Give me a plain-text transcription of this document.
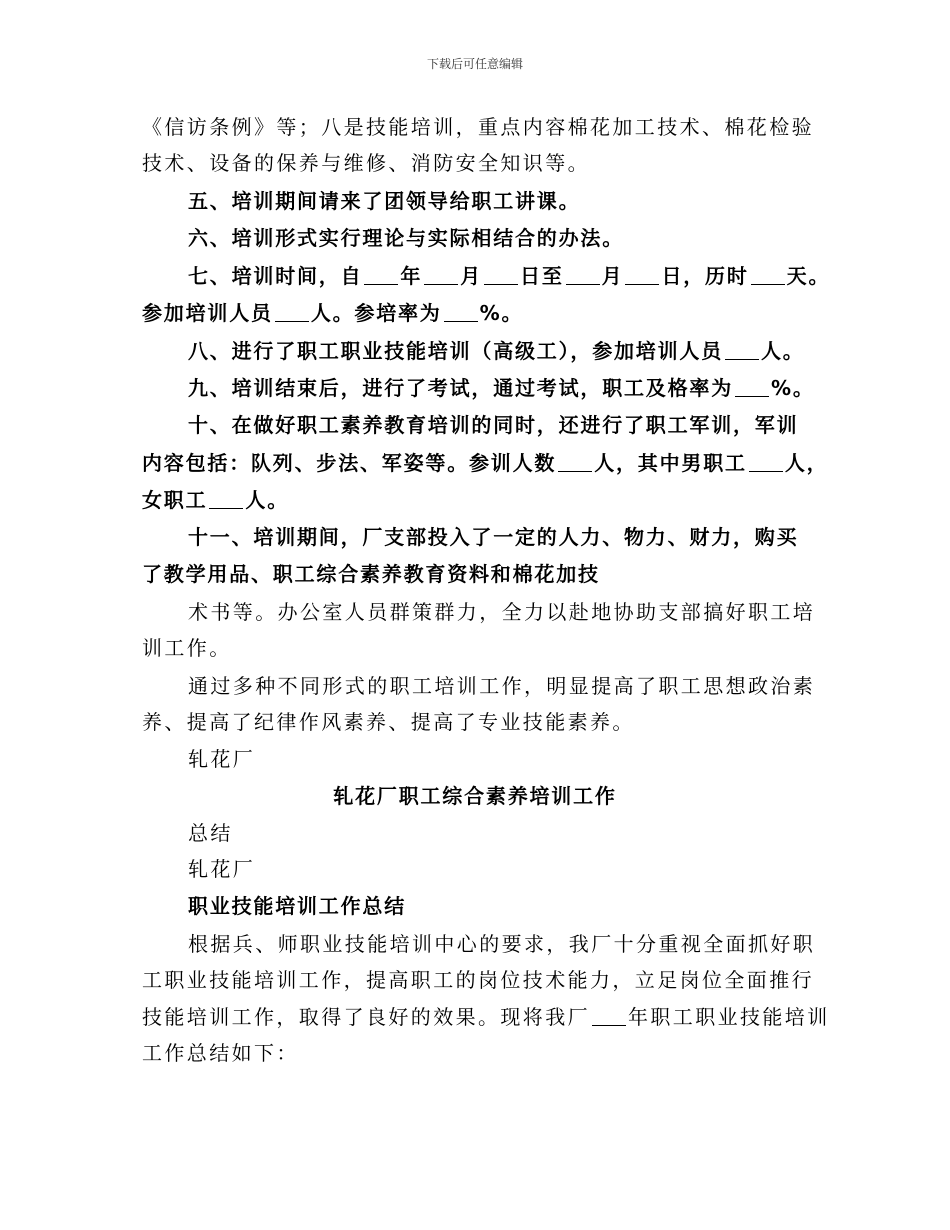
下载后可任意编辑
《信访条例》等；八是技能培训，重点内容棉花加工技术、棉花检验
技术、设备的保养与维修、消防安全知识等。
五、培训期间请来了团领导给职工讲课。
六、培训形式实行理论与实际相结合的办法。
七、培训时间，自 年 月 日至 月 日，历时 天。
参加培训人员 人。参培率为 %。
八、进行了职工职业技能培训（高级工），参加培训人员 人。
九、培训结束后，进行了考试，通过考试，职工及格率为 %。
十、在做好职工素养教育培训的同时，还进行了职工军训，军训
内容包括：队列、步法、军姿等。参训人数 人，其中男职工 人，
女职工 人。
十一、培训期间，厂支部投入了一定的人力、物力、财力，购买
了教学用品、职工综合素养教育资料和棉花加技
术书等。办公室人员群策群力，全力以赴地协助支部搞好职工培
训工作。
通过多种不同形式的职工培训工作，明显提高了职工思想政治素
养、提高了纪律作风素养、提高了专业技能素养。
轧花厂
轧花厂职工综合素养培训工作
总结
轧花厂
职业技能培训工作总结
根据兵、师职业技能培训中心的要求，我厂十分重视全面抓好职
工职业技能培训工作，提高职工的岗位技术能力，立足岗位全面推行
技能培训工作，取得了良好的效果。现将我厂 年职工职业技能培训
工作总结如下：
